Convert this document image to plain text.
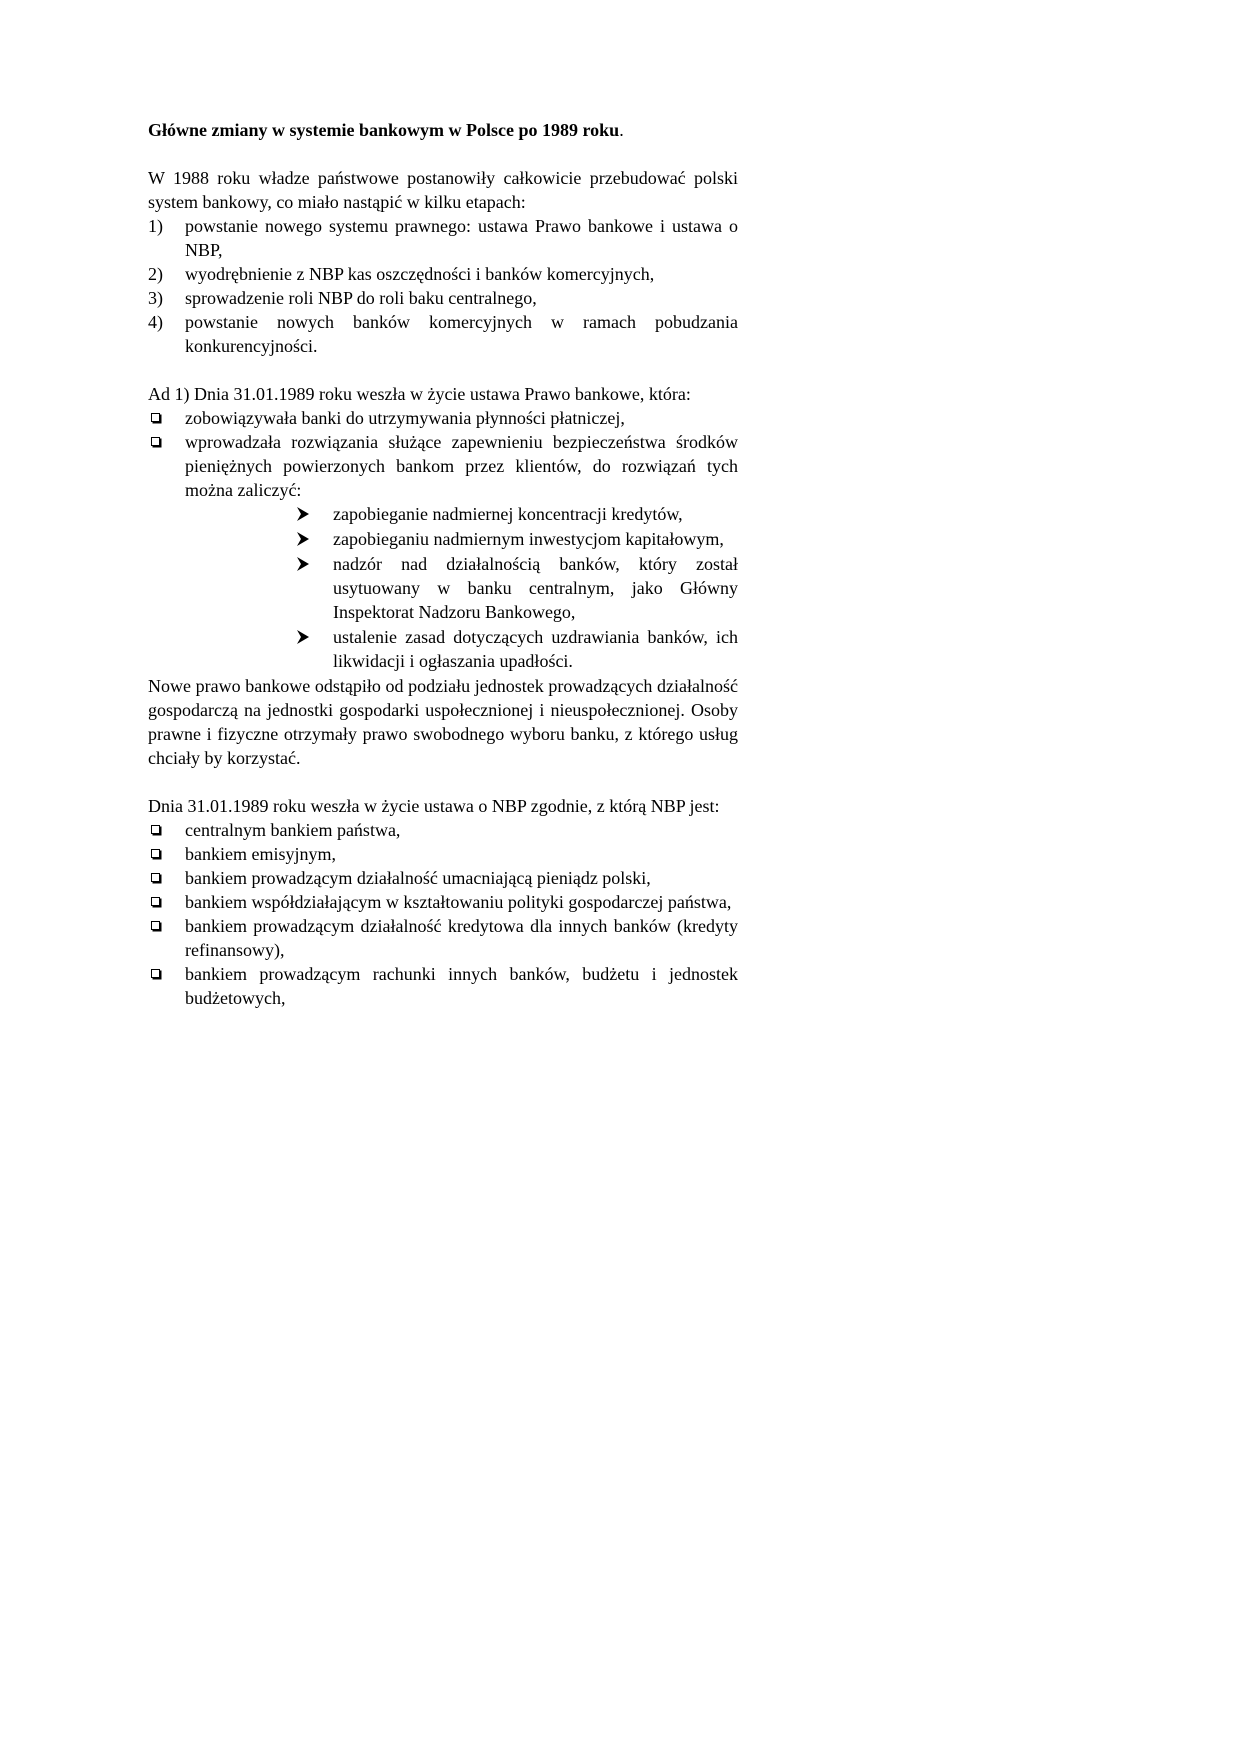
Główne zmiany w systemie bankowym w Polsce po 1989 roku.

W 1988 roku władze państwowe postanowiły całkowicie przebudować polski system bankowy, co miało nastąpić w kilku etapach:

1) powstanie nowego systemu prawnego: ustawa Prawo bankowe i ustawa o NBP,
2) wyodrębnienie z NBP kas oszczędności i banków komercyjnych,
3) sprowadzenie roli NBP do roli baku centralnego,
4) powstanie nowych banków komercyjnych w ramach pobudzania konkurencyjności.

Ad 1) Dnia 31.01.1989 roku weszła w życie ustawa Prawo bankowe, która:

zobowiązywała banki do utrzymywania płynności płatniczej,
wprowadzała rozwiązania służące zapewnieniu bezpieczeństwa środków pieniężnych powierzonych bankom przez klientów, do rozwiązań tych można zaliczyć:
zapobieganie nadmiernej koncentracji kredytów,
zapobieganiu nadmiernym inwestycjom kapitałowym,
nadzór nad działalnością banków, który został usytuowany w banku centralnym, jako Główny Inspektorat Nadzoru Bankowego,
ustalenie zasad dotyczących uzdrawiania banków, ich likwidacji i ogłaszania upadłości.

Nowe prawo bankowe odstąpiło od podziału jednostek prowadzących działalność gospodarczą na jednostki gospodarki uspołecznionej i nieuspołecznionej. Osoby prawne i fizyczne otrzymały prawo swobodnego wyboru banku, z którego usług chciały by korzystać.

Dnia 31.01.1989 roku weszła w życie ustawa o NBP zgodnie, z którą NBP jest:

centralnym bankiem państwa,
bankiem emisyjnym,
bankiem prowadzącym działalność umacniającą pieniądz polski,
bankiem współdziałającym w kształtowaniu polityki gospodarczej państwa,
bankiem prowadzącym działalność kredytowa dla innych banków (kredyty refinansowy),
bankiem prowadzącym rachunki innych banków, budżetu i jednostek budżetowych,
